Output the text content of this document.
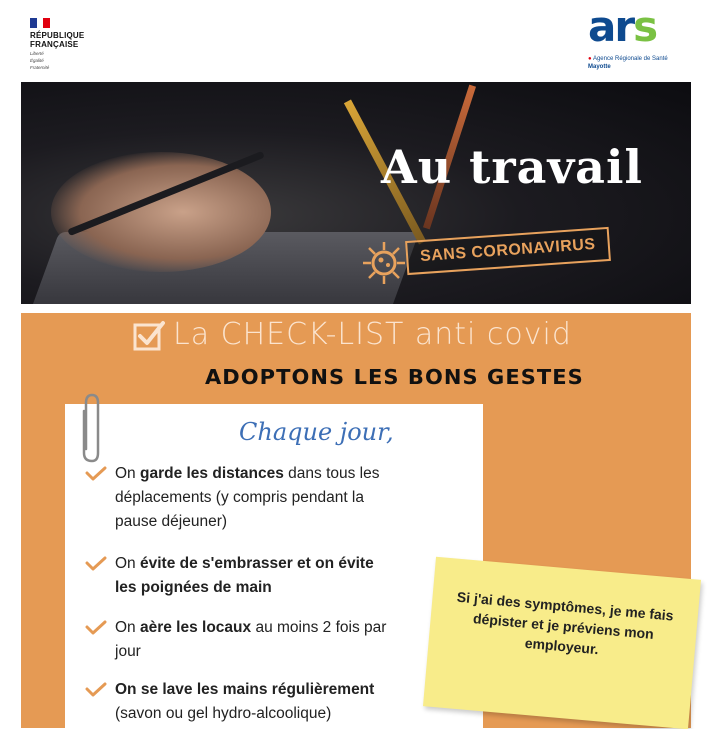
RÉPUBLIQUE
FRANÇAISE
Liberté
Égalité
Fraternité
ars
● Agence Régionale de Santé
Mayotte
Au travail
SANS CORONAVIRUS
La CHECK-LIST anti covid
ADOPTONS LES BONS GESTES
Chaque jour,
On garde les distances dans tous les déplacements (y compris pendant la pause déjeuner)
On évite de s'embrasser et on évite les poignées de main
On aère les locaux au moins 2 fois par jour
On se lave les mains régulièrement (savon ou gel hydro-alcoolique)
Si j'ai des symptômes, je me fais dépister et je préviens mon employeur.
